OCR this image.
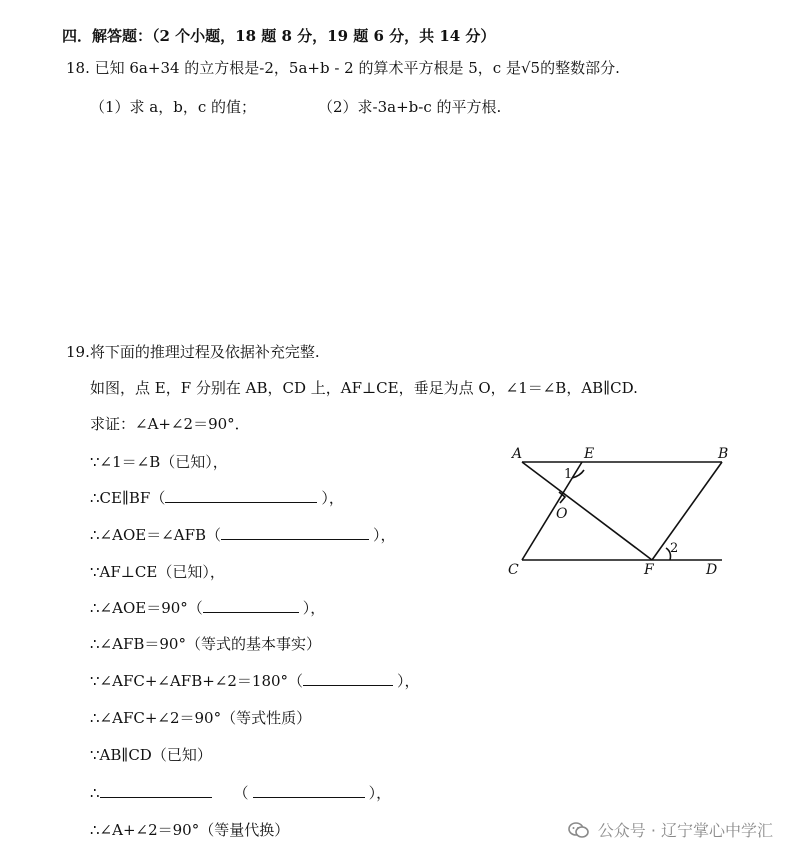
四．解答题：（2 个小题，18 题 8 分，19 题 6 分，共 14 分）
18. 已知 6a+34 的立方根是-2，5a+b - 2 的算术平方根是 5，c 是√5的整数部分.
（1）求 a，b，c 的值；	（2）求-3a+b-c 的平方根.
19.将下面的推理过程及依据补充完整.
如图，点 E，F 分别在 AB，CD 上，AF⊥CE，垂足为点 O，∠1＝∠B，AB∥CD.
求证：∠A+∠2＝90°．
∵∠1＝∠B（已知），
∴CE∥BF（	），
∴∠AOE＝∠AFB（	），
∵AF⊥CE（已知），
∴∠AOE＝90°（	），
∴∠AFB＝90°（等式的基本事实）
∵∠AFC+∠AFB+∠2＝180°（	），
∴∠AFC+∠2＝90°（等式性质）
∵AB∥CD（已知）
∴	（	），
∴∠A+∠2＝90°（等量代换）
A	E	B
O
C	F	D
1
2
公众号 · 辽宁掌心中学汇
